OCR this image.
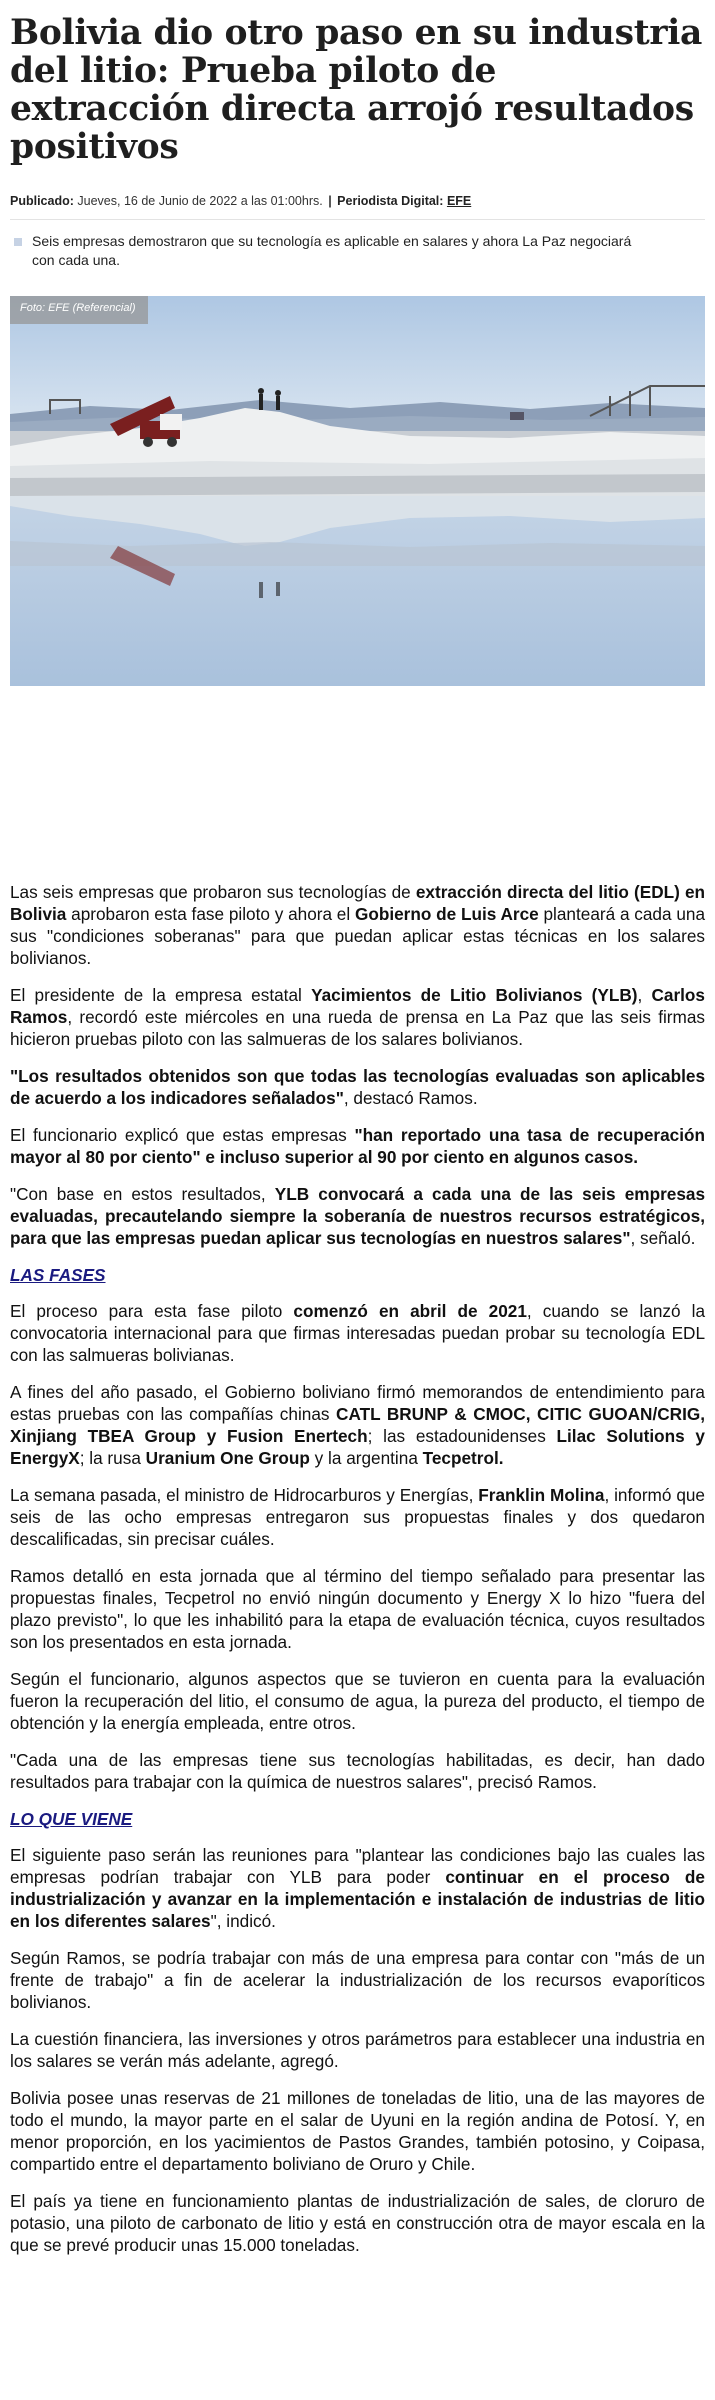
Bolivia dio otro paso en su industria del litio: Prueba piloto de extracción directa arrojó resultados positivos
Publicado: Jueves, 16 de Junio de 2022 a las 01:00hrs. | Periodista Digital: EFE
Seis empresas demostraron que su tecnología es aplicable en salares y ahora La Paz negociará con cada una.
Foto: EFE (Referencial)

Las seis empresas que probaron sus tecnologías de extracción directa del litio (EDL) en Bolivia aprobaron esta fase piloto y ahora el Gobierno de Luis Arce planteará a cada una sus "condiciones soberanas" para que puedan aplicar estas técnicas en los salares bolivianos.

El presidente de la empresa estatal Yacimientos de Litio Bolivianos (YLB), Carlos Ramos, recordó este miércoles en una rueda de prensa en La Paz que las seis firmas hicieron pruebas piloto con las salmueras de los salares bolivianos.

"Los resultados obtenidos son que todas las tecnologías evaluadas son aplicables de acuerdo a los indicadores señalados", destacó Ramos.

El funcionario explicó que estas empresas "han reportado una tasa de recuperación mayor al 80 por ciento" e incluso superior al 90 por ciento en algunos casos.

"Con base en estos resultados, YLB convocará a cada una de las seis empresas evaluadas, precautelando siempre la soberanía de nuestros recursos estratégicos, para que las empresas puedan aplicar sus tecnologías en nuestros salares", señaló.

LAS FASES

El proceso para esta fase piloto comenzó en abril de 2021, cuando se lanzó la convocatoria internacional para que firmas interesadas puedan probar su tecnología EDL con las salmueras bolivianas.

A fines del año pasado, el Gobierno boliviano firmó memorandos de entendimiento para estas pruebas con las compañías chinas CATL BRUNP & CMOC, CITIC GUOAN/CRIG, Xinjiang TBEA Group y Fusion Enertech; las estadounidenses Lilac Solutions y EnergyX; la rusa Uranium One Group y la argentina Tecpetrol.

La semana pasada, el ministro de Hidrocarburos y Energías, Franklin Molina, informó que seis de las ocho empresas entregaron sus propuestas finales y dos quedaron descalificadas, sin precisar cuáles.

Ramos detalló en esta jornada que al término del tiempo señalado para presentar las propuestas finales, Tecpetrol no envió ningún documento y Energy X lo hizo "fuera del plazo previsto", lo que les inhabilitó para la etapa de evaluación técnica, cuyos resultados son los presentados en esta jornada.

Según el funcionario, algunos aspectos que se tuvieron en cuenta para la evaluación fueron la recuperación del litio, el consumo de agua, la pureza del producto, el tiempo de obtención y la energía empleada, entre otros.

"Cada una de las empresas tiene sus tecnologías habilitadas, es decir, han dado resultados para trabajar con la química de nuestros salares", precisó Ramos.

LO QUE VIENE

El siguiente paso serán las reuniones para "plantear las condiciones bajo las cuales las empresas podrían trabajar con YLB para poder continuar en el proceso de industrialización y avanzar en la implementación e instalación de industrias de litio en los diferentes salares", indicó.

Según Ramos, se podría trabajar con más de una empresa para contar con "más de un frente de trabajo" a fin de acelerar la industrialización de los recursos evaporíticos bolivianos.

La cuestión financiera, las inversiones y otros parámetros para establecer una industria en los salares se verán más adelante, agregó.

Bolivia posee unas reservas de 21 millones de toneladas de litio, una de las mayores de todo el mundo, la mayor parte en el salar de Uyuni en la región andina de Potosí. Y, en menor proporción, en los yacimientos de Pastos Grandes, también potosino, y Coipasa, compartido entre el departamento boliviano de Oruro y Chile.

El país ya tiene en funcionamiento plantas de industrialización de sales, de cloruro de potasio, una piloto de carbonato de litio y está en construcción otra de mayor escala en la que se prevé producir unas 15.000 toneladas.
